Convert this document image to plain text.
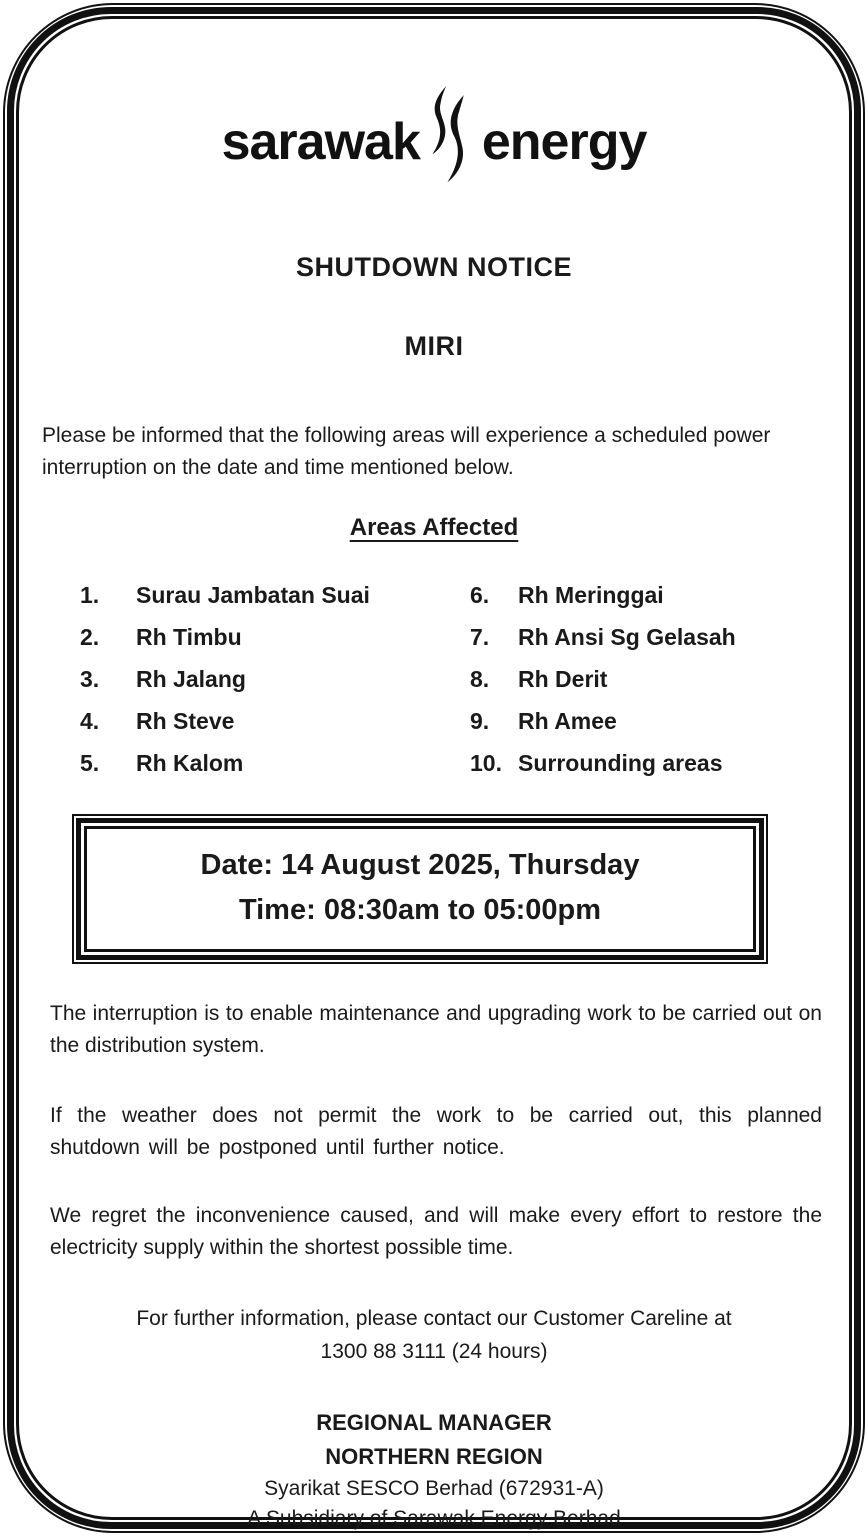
sarawak energy
SHUTDOWN NOTICE
MIRI
Please be informed that the following areas will experience a scheduled power interruption on the date and time mentioned below.
Areas Affected
1.	Surau Jambatan Suai
2.	Rh Timbu
3.	Rh Jalang
4.	Rh Steve
5.	Rh Kalom
6.	Rh Meringgai
7.	Rh Ansi Sg Gelasah
8.	Rh Derit
9.	Rh Amee
10. Surrounding areas
Date: 14 August 2025, Thursday
Time: 08:30am to 05:00pm
The interruption is to enable maintenance and upgrading work to be carried out on the distribution system.
If the weather does not permit the work to be carried out, this planned shutdown will be postponed until further notice.
We regret the inconvenience caused, and will make every effort to restore the electricity supply within the shortest possible time.
For further information, please contact our Customer Careline at
1300 88 3111 (24 hours)
REGIONAL MANAGER
NORTHERN REGION
Syarikat SESCO Berhad (672931-A)
A Subsidiary of Sarawak Energy Berhad
